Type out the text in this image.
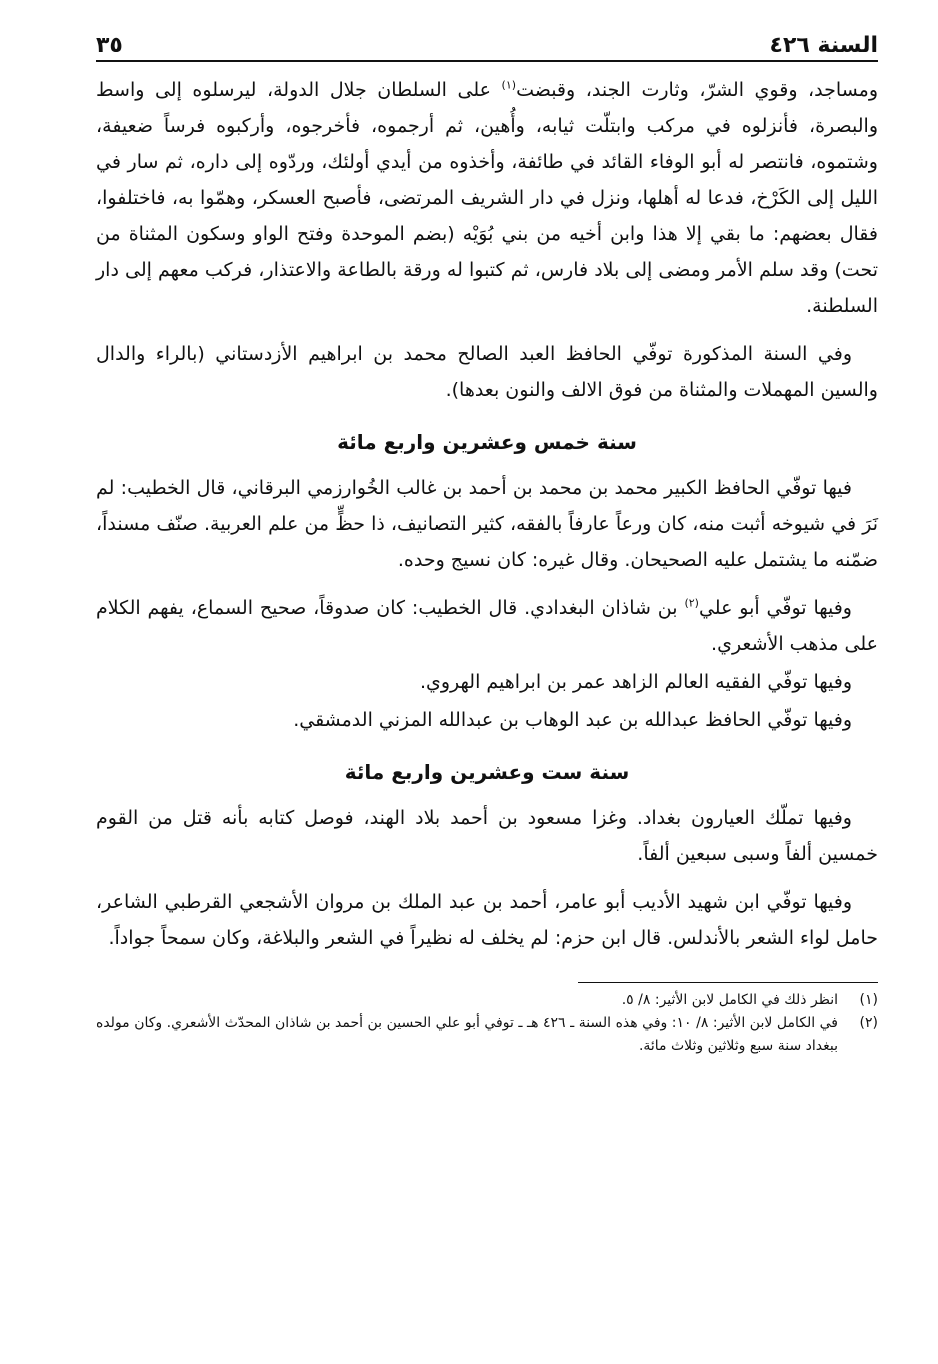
السنة ٤٢٦
٣٥

ومساجد، وقوي الشرّ، وثارت الجند، وقبضت$^{(١)}$ على السلطان جلال الدولة، ليرسلوه إلى واسط والبصرة، فأنزلوه في مركب وابتلّت ثيابه، وأُهين، ثم أرجموه، فأخرجوه، وأركبوه فرساً ضعيفة، وشتموه، فانتصر له أبو الوفاء القائد في طائفة، وأخذوه من أيدي أولئك، وردّوه إلى داره، ثم سار في الليل إلى الكَرْخ، فدعا له أهلها، ونزل في دار الشريف المرتضى، فأصبح العسكر، وهمّوا به، فاختلفوا، فقال بعضهم: ما بقي إلا هذا وابن أخيه من بني بُوَيْه (بضم الموحدة وفتح الواو وسكون المثناة من تحت) وقد سلم الأمر ومضى إلى بلاد فارس، ثم كتبوا له ورقة بالطاعة والاعتذار، فركب معهم إلى دار السلطنة.

وفي السنة المذكورة توفّي الحافظ العبد الصالح محمد بن ابراهيم الأزدستاني (بالراء والدال والسين المهملات والمثناة من فوق الالف والنون بعدها).

سنة خمس وعشرين واربع مائة

فيها توفّي الحافظ الكبير محمد بن محمد بن أحمد بن غالب الخُوارزمي البرقاني، قال الخطيب: لم نَرَ في شيوخه أثبت منه، كان ورعاً عارفاً بالفقه، كثير التصانيف، ذا حظٍّ من علم العربية. صنّف مسنداً، ضمّنه ما يشتمل عليه الصحيحان. وقال غيره: كان نسيج وحده.

وفيها توفّي أبو علي$^{(٢)}$ بن شاذان البغدادي. قال الخطيب: كان صدوقاً، صحيح السماع، يفهم الكلام على مذهب الأشعري.

وفيها توفّي الفقيه العالم الزاهد عمر بن ابراهيم الهروي.

وفيها توفّي الحافظ عبدالله بن عبد الوهاب بن عبدالله المزني الدمشقي.

سنة ست وعشرين واربع مائة

وفيها تملّك العيارون بغداد. وغزا مسعود بن أحمد بلاد الهند، فوصل كتابه بأنه قتل من القوم خمسين ألفاً وسبى سبعين ألفاً.

وفيها توفّي ابن شهيد الأديب أبو عامر، أحمد بن عبد الملك بن مروان الأشجعي القرطبي الشاعر، حامل لواء الشعر بالأندلس. قال ابن حزم: لم يخلف له نظيراً في الشعر والبلاغة، وكان سمحاً جواداً.

(١)
انظر ذلك في الكامل لابن الأثير: ٨/ ٥.
(٢)
في الكامل لابن الأثير: ٨/ ١٠: وفي هذه السنة ـ ٤٢٦ هـ ـ توفي أبو علي الحسين بن أحمد بن شاذان المحدّث الأشعري. وكان مولده ببغداد سنة سبع وثلاثين وثلاث مائة.
